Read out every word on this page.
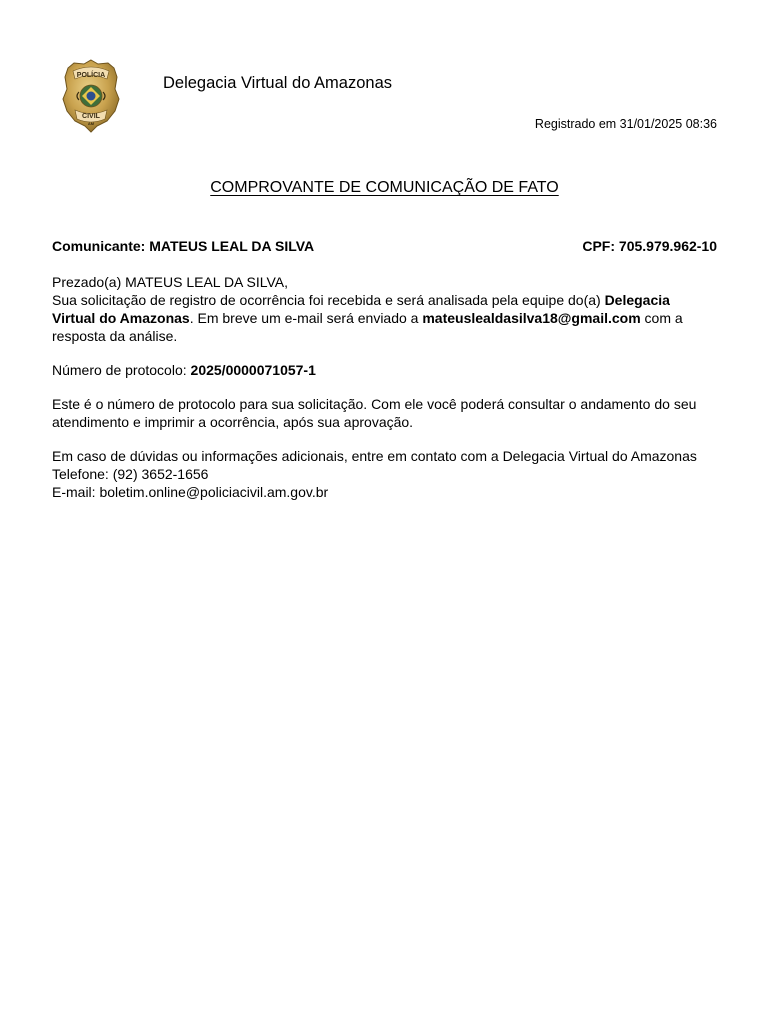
POLÍCIA
CIVIL
AM
Delegacia Virtual do Amazonas
Registrado em 31/01/2025 08:36
COMPROVANTE DE COMUNICAÇÃO DE FATO
Comunicante: MATEUS LEAL DA SILVA	CPF: 705.979.962-10

Prezado(a) MATEUS LEAL DA SILVA,
Sua solicitação de registro de ocorrência foi recebida e será analisada pela equipe do(a) Delegacia Virtual do Amazonas. Em breve um e-mail será enviado a mateuslealdasilva18@gmail.com com a resposta da análise.

Número de protocolo: 2025/0000071057-1

Este é o número de protocolo para sua solicitação. Com ele você poderá consultar o andamento do seu atendimento e imprimir a ocorrência, após sua aprovação.

Em caso de dúvidas ou informações adicionais, entre em contato com a Delegacia Virtual do Amazonas
Telefone: (92) 3652-1656
E-mail: boletim.online@policiacivil.am.gov.br
